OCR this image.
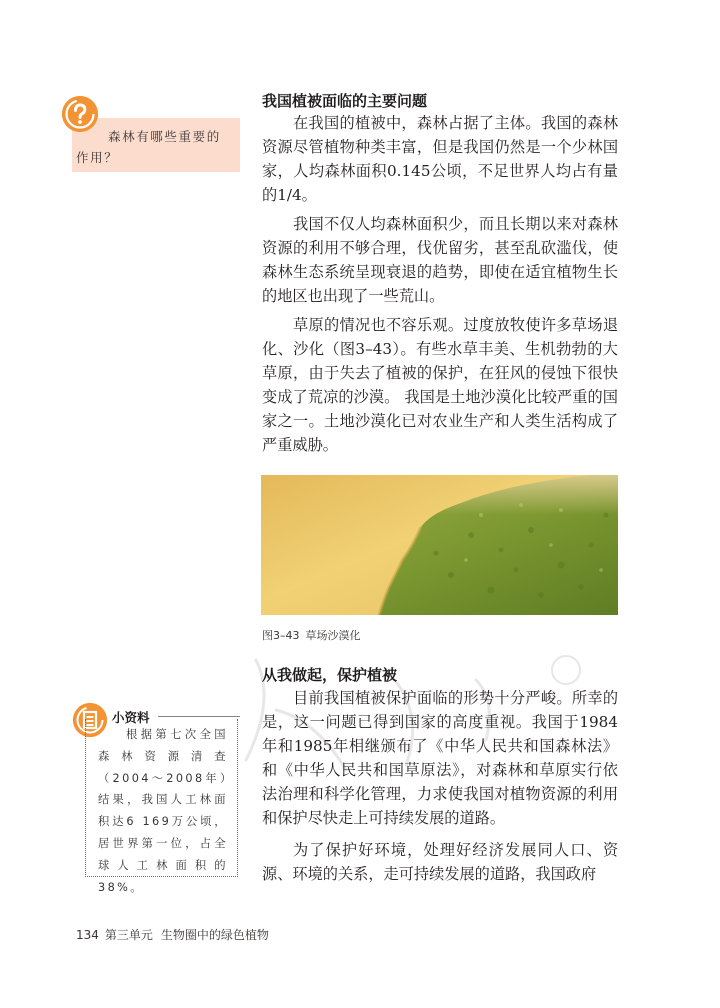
森林有哪些重要的
作用？
我国植被面临的主要问题

在我国的植被中，森林占据了主体。我国的森林资源尽管植物种类丰富，但是我国仍然是一个少林国家，人均森林面积0.145公顷，不足世界人均占有量的1/4。

我国不仅人均森林面积少，而且长期以来对森林资源的利用不够合理，伐优留劣，甚至乱砍滥伐，使森林生态系统呈现衰退的趋势，即使在适宜植物生长的地区也出现了一些荒山。

草原的情况也不容乐观。过度放牧使许多草场退化、沙化（图3–43）。有些水草丰美、生机勃勃的大草原，由于失去了植被的保护，在狂风的侵蚀下很快变成了荒凉的沙漠。 我国是土地沙漠化比较严重的国家之一。土地沙漠化已对农业生产和人类生活构成了严重威胁。

图3–43 草场沙漠化
从我做起，保护植被

目前我国植被保护面临的形势十分严峻。所幸的是，这一问题已得到国家的高度重视。我国于1984年和1985年相继颁布了《中华人民共和国森林法》和《中华人民共和国草原法》，对森林和草原实行依法治理和科学化管理，力求使我国对植物资源的利用和保护尽快走上可持续发展的道路。

为了保护好环境，处理好经济发展同人口、资源、环境的关系，走可持续发展的道路，我国政府

小资料

根据第七次全国森林资源清查（2004～2008年）结果，我国人工林面积达6 169万公顷，居世界第一位，占全球人工林面积的38%。

134 第三单元 生物圈中的绿色植物
